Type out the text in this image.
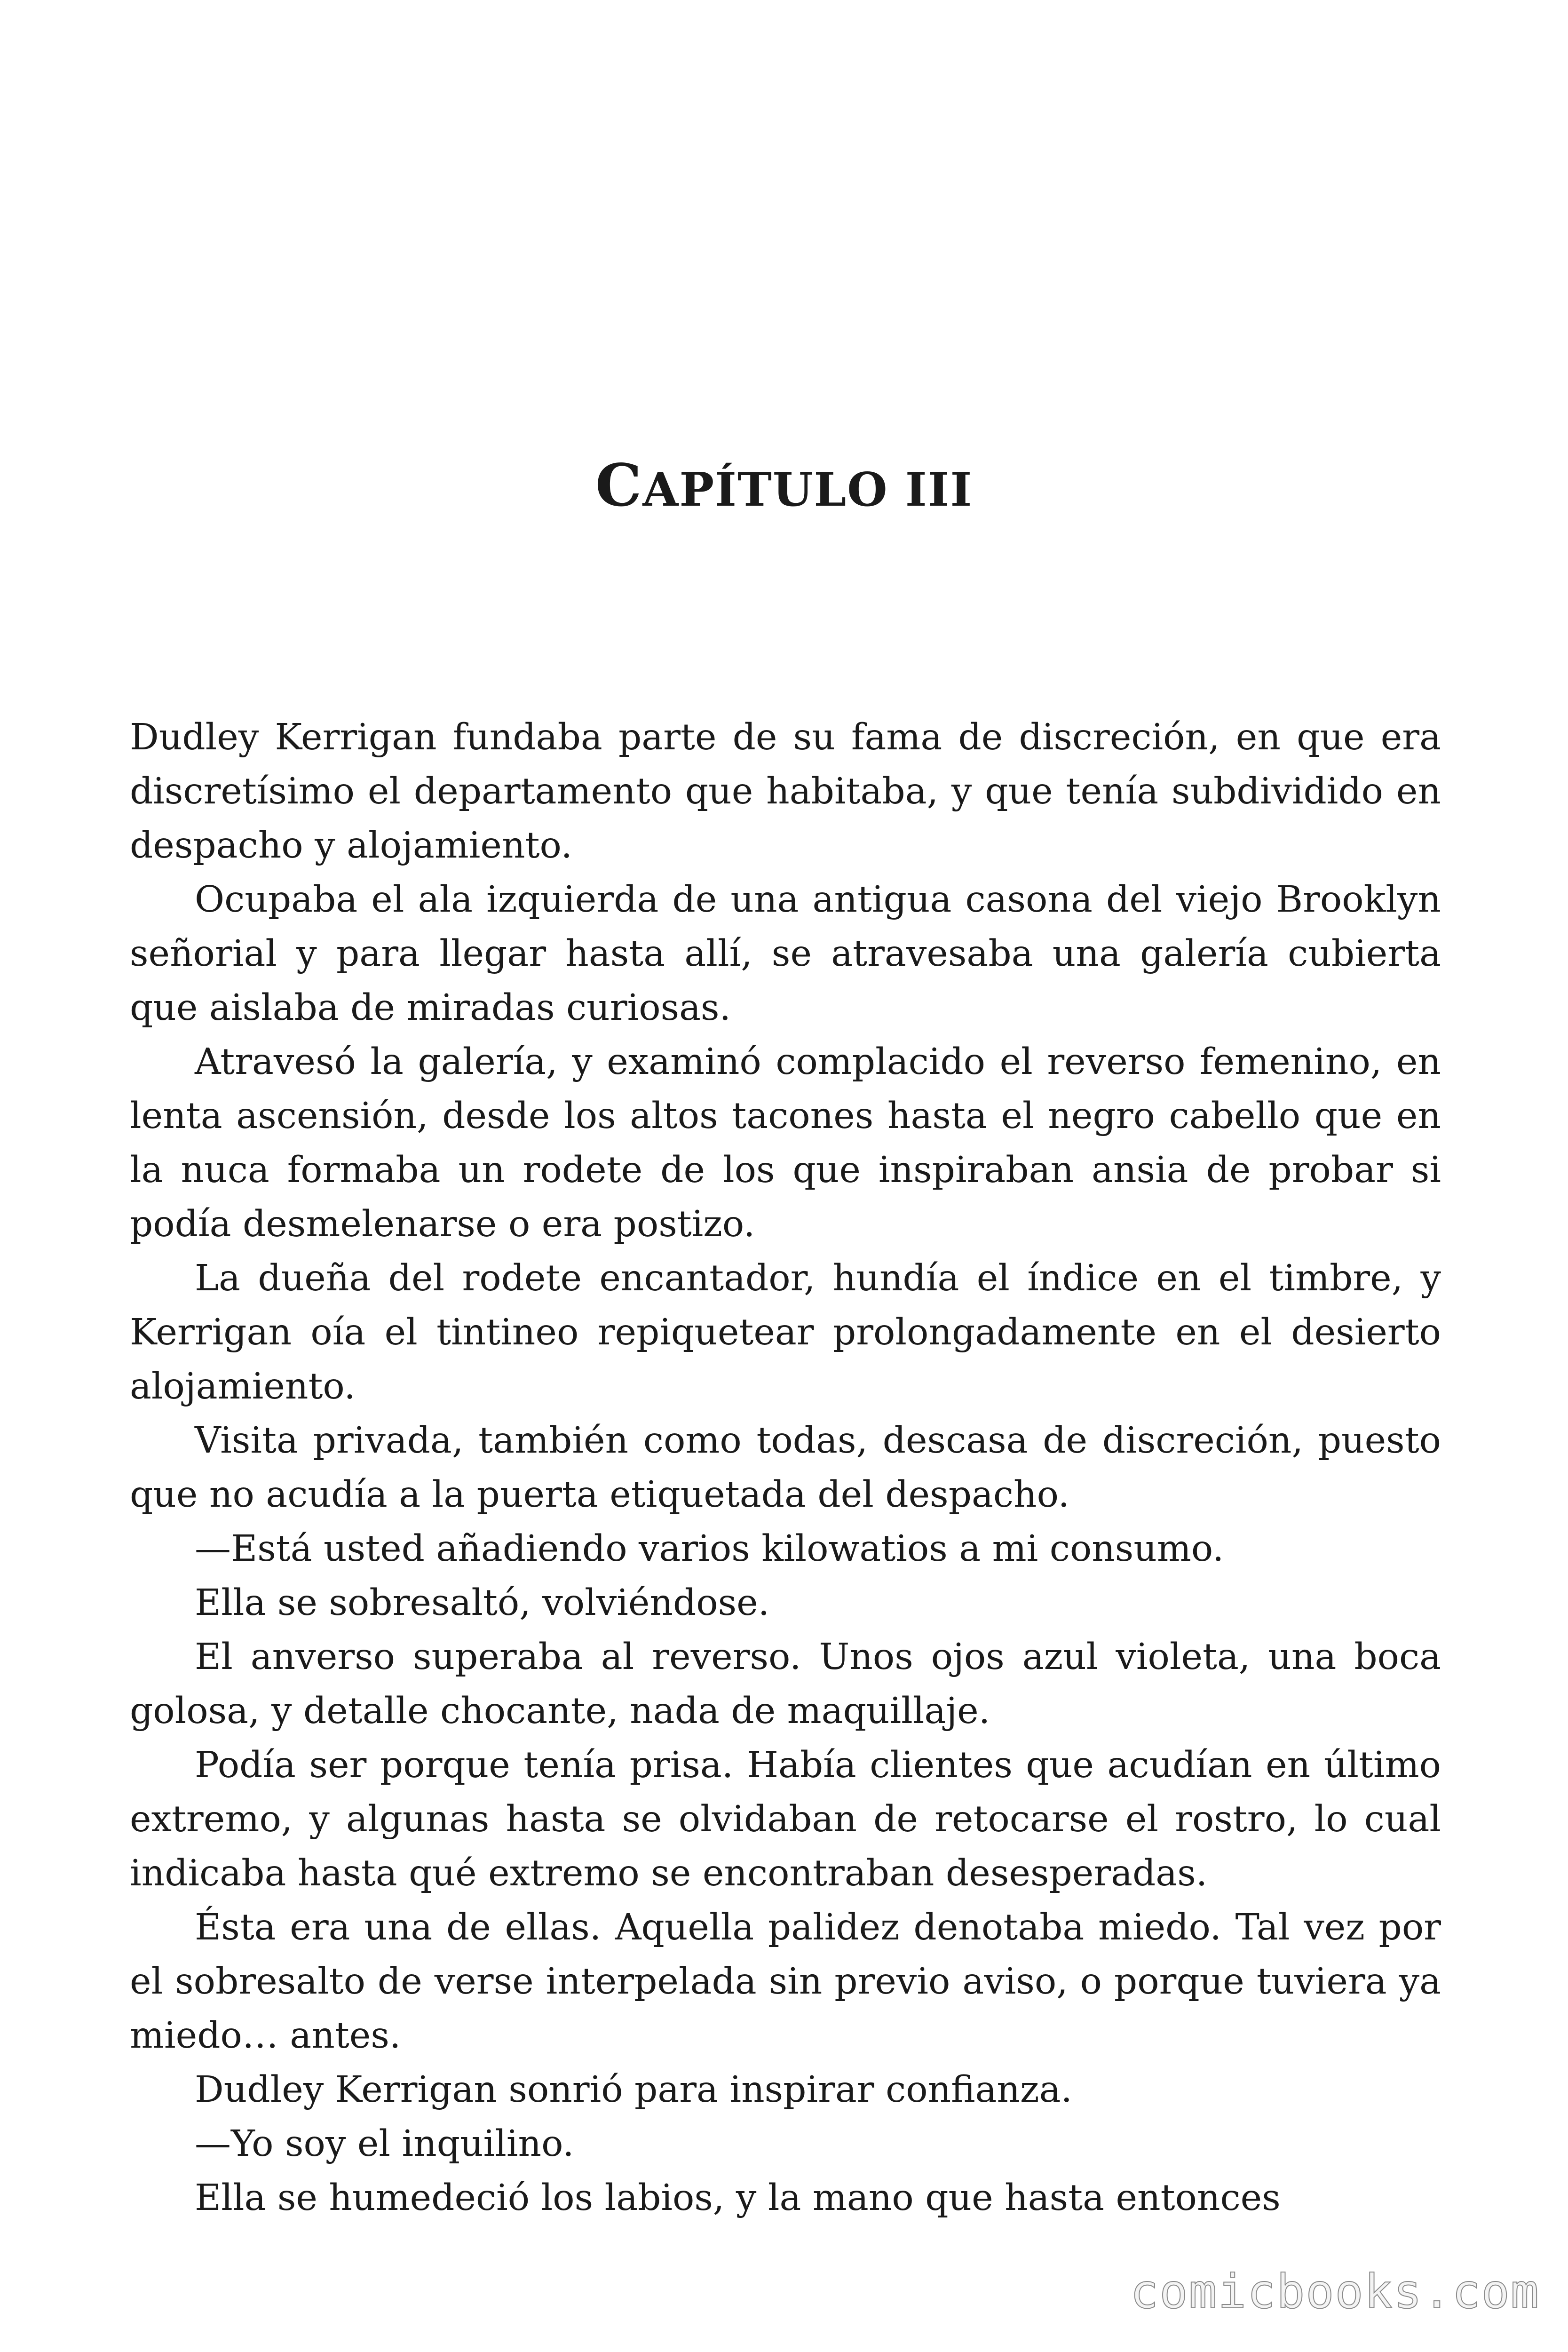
CAPÍTULO III

Dudley Kerrigan fundaba parte de su fama de discreción, en que era discretísimo el departamento que habitaba, y que tenía subdividido en despacho y alojamiento.

Ocupaba el ala izquierda de una antigua casona del viejo Brooklyn señorial y para llegar hasta allí, se atravesaba una galería cubierta que aislaba de miradas curiosas.

Atravesó la galería, y examinó complacido el reverso femenino, en lenta ascensión, desde los altos tacones hasta el negro cabello que en la nuca formaba un rodete de los que inspiraban ansia de probar si podía desmelenarse o era postizo.

La dueña del rodete encantador, hundía el índice en el timbre, y Kerrigan oía el tintineo repiquetear prolongadamente en el desierto alojamiento.

Visita privada, también como todas, descasa de discreción, puesto que no acudía a la puerta etiquetada del despacho.

—Está usted añadiendo varios kilowatios a mi consumo.

Ella se sobresaltó, volviéndose.

El anverso superaba al reverso. Unos ojos azul violeta, una boca golosa, y detalle chocante, nada de maquillaje.

Podía ser porque tenía prisa. Había clientes que acudían en último extremo, y algunas hasta se olvidaban de retocarse el rostro, lo cual indicaba hasta qué extremo se encontraban desesperadas.

Ésta era una de ellas. Aquella palidez denotaba miedo. Tal vez por el sobresalto de verse interpelada sin previo aviso, o porque tuviera ya miedo… antes.

Dudley Kerrigan sonrió para inspirar confianza.

—Yo soy el inquilino.

Ella se humedeció los labios, y la mano que hasta entonces

comicbooks.com
